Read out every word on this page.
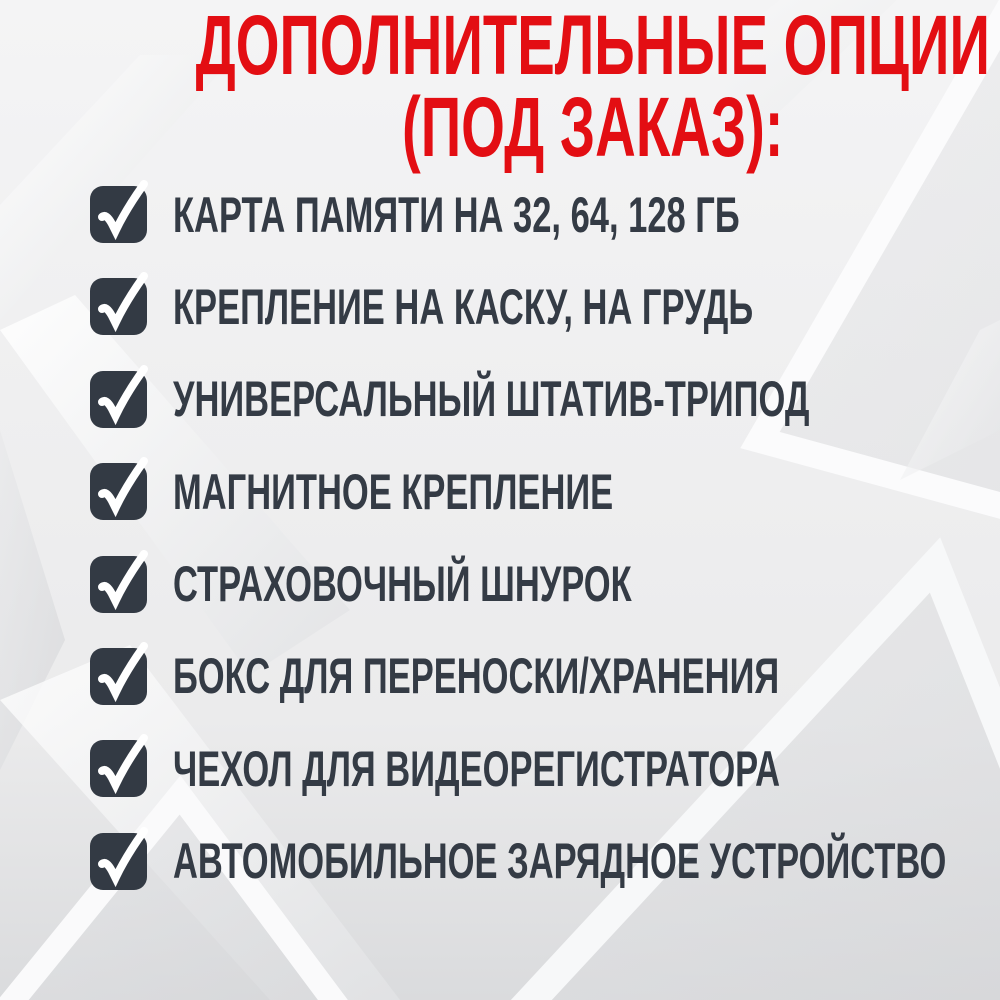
ДОПОЛНИТЕЛЬНЫЕ ОПЦИИ
(ПОД ЗАКАЗ):
КАРТА ПАМЯТИ НА 32, 64, 128 ГБ
КРЕПЛЕНИЕ НА КАСКУ, НА ГРУДЬ
УНИВЕРСАЛЬНЫЙ ШТАТИВ-ТРИПОД
МАГНИТНОЕ КРЕПЛЕНИЕ
СТРАХОВОЧНЫЙ ШНУРОК
БОКС ДЛЯ ПЕРЕНОСКИ/ХРАНЕНИЯ
ЧЕХОЛ ДЛЯ ВИДЕОРЕГИСТРАТОРА
АВТОМОБИЛЬНОЕ ЗАРЯДНОЕ УСТРОЙСТВО
